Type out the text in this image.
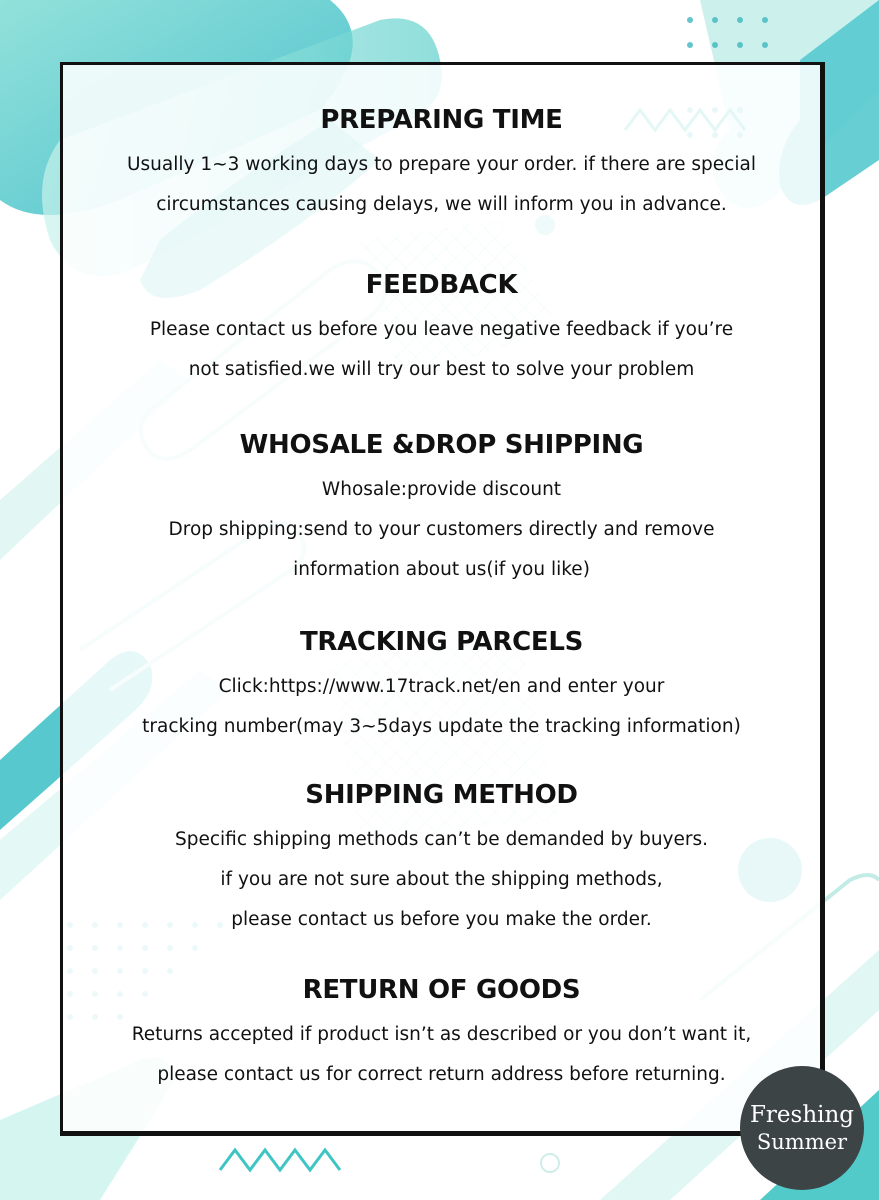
PREPARING TIME

Usually 1~3 working days to prepare your order. if there are special

circumstances causing delays, we will inform you in advance.

FEEDBACK

Please contact us before you leave negative feedback if you’re

not satisfied.we will try our best to solve your problem

WHOSALE &DROP SHIPPING

Whosale:provide discount

Drop shipping:send to your customers directly and remove

information about us(if you like)

TRACKING PARCELS

Click:https://www.17track.net/en and enter your

tracking number(may 3~5days update the tracking information)

SHIPPING METHOD

Specific shipping methods can’t be demanded by buyers.

if you are not sure about the shipping methods,

please contact us before you make the order.

RETURN OF GOODS

Returns accepted if product isn’t as described or you don’t want it,

please contact us for correct return address before returning.

Freshing
Summer
